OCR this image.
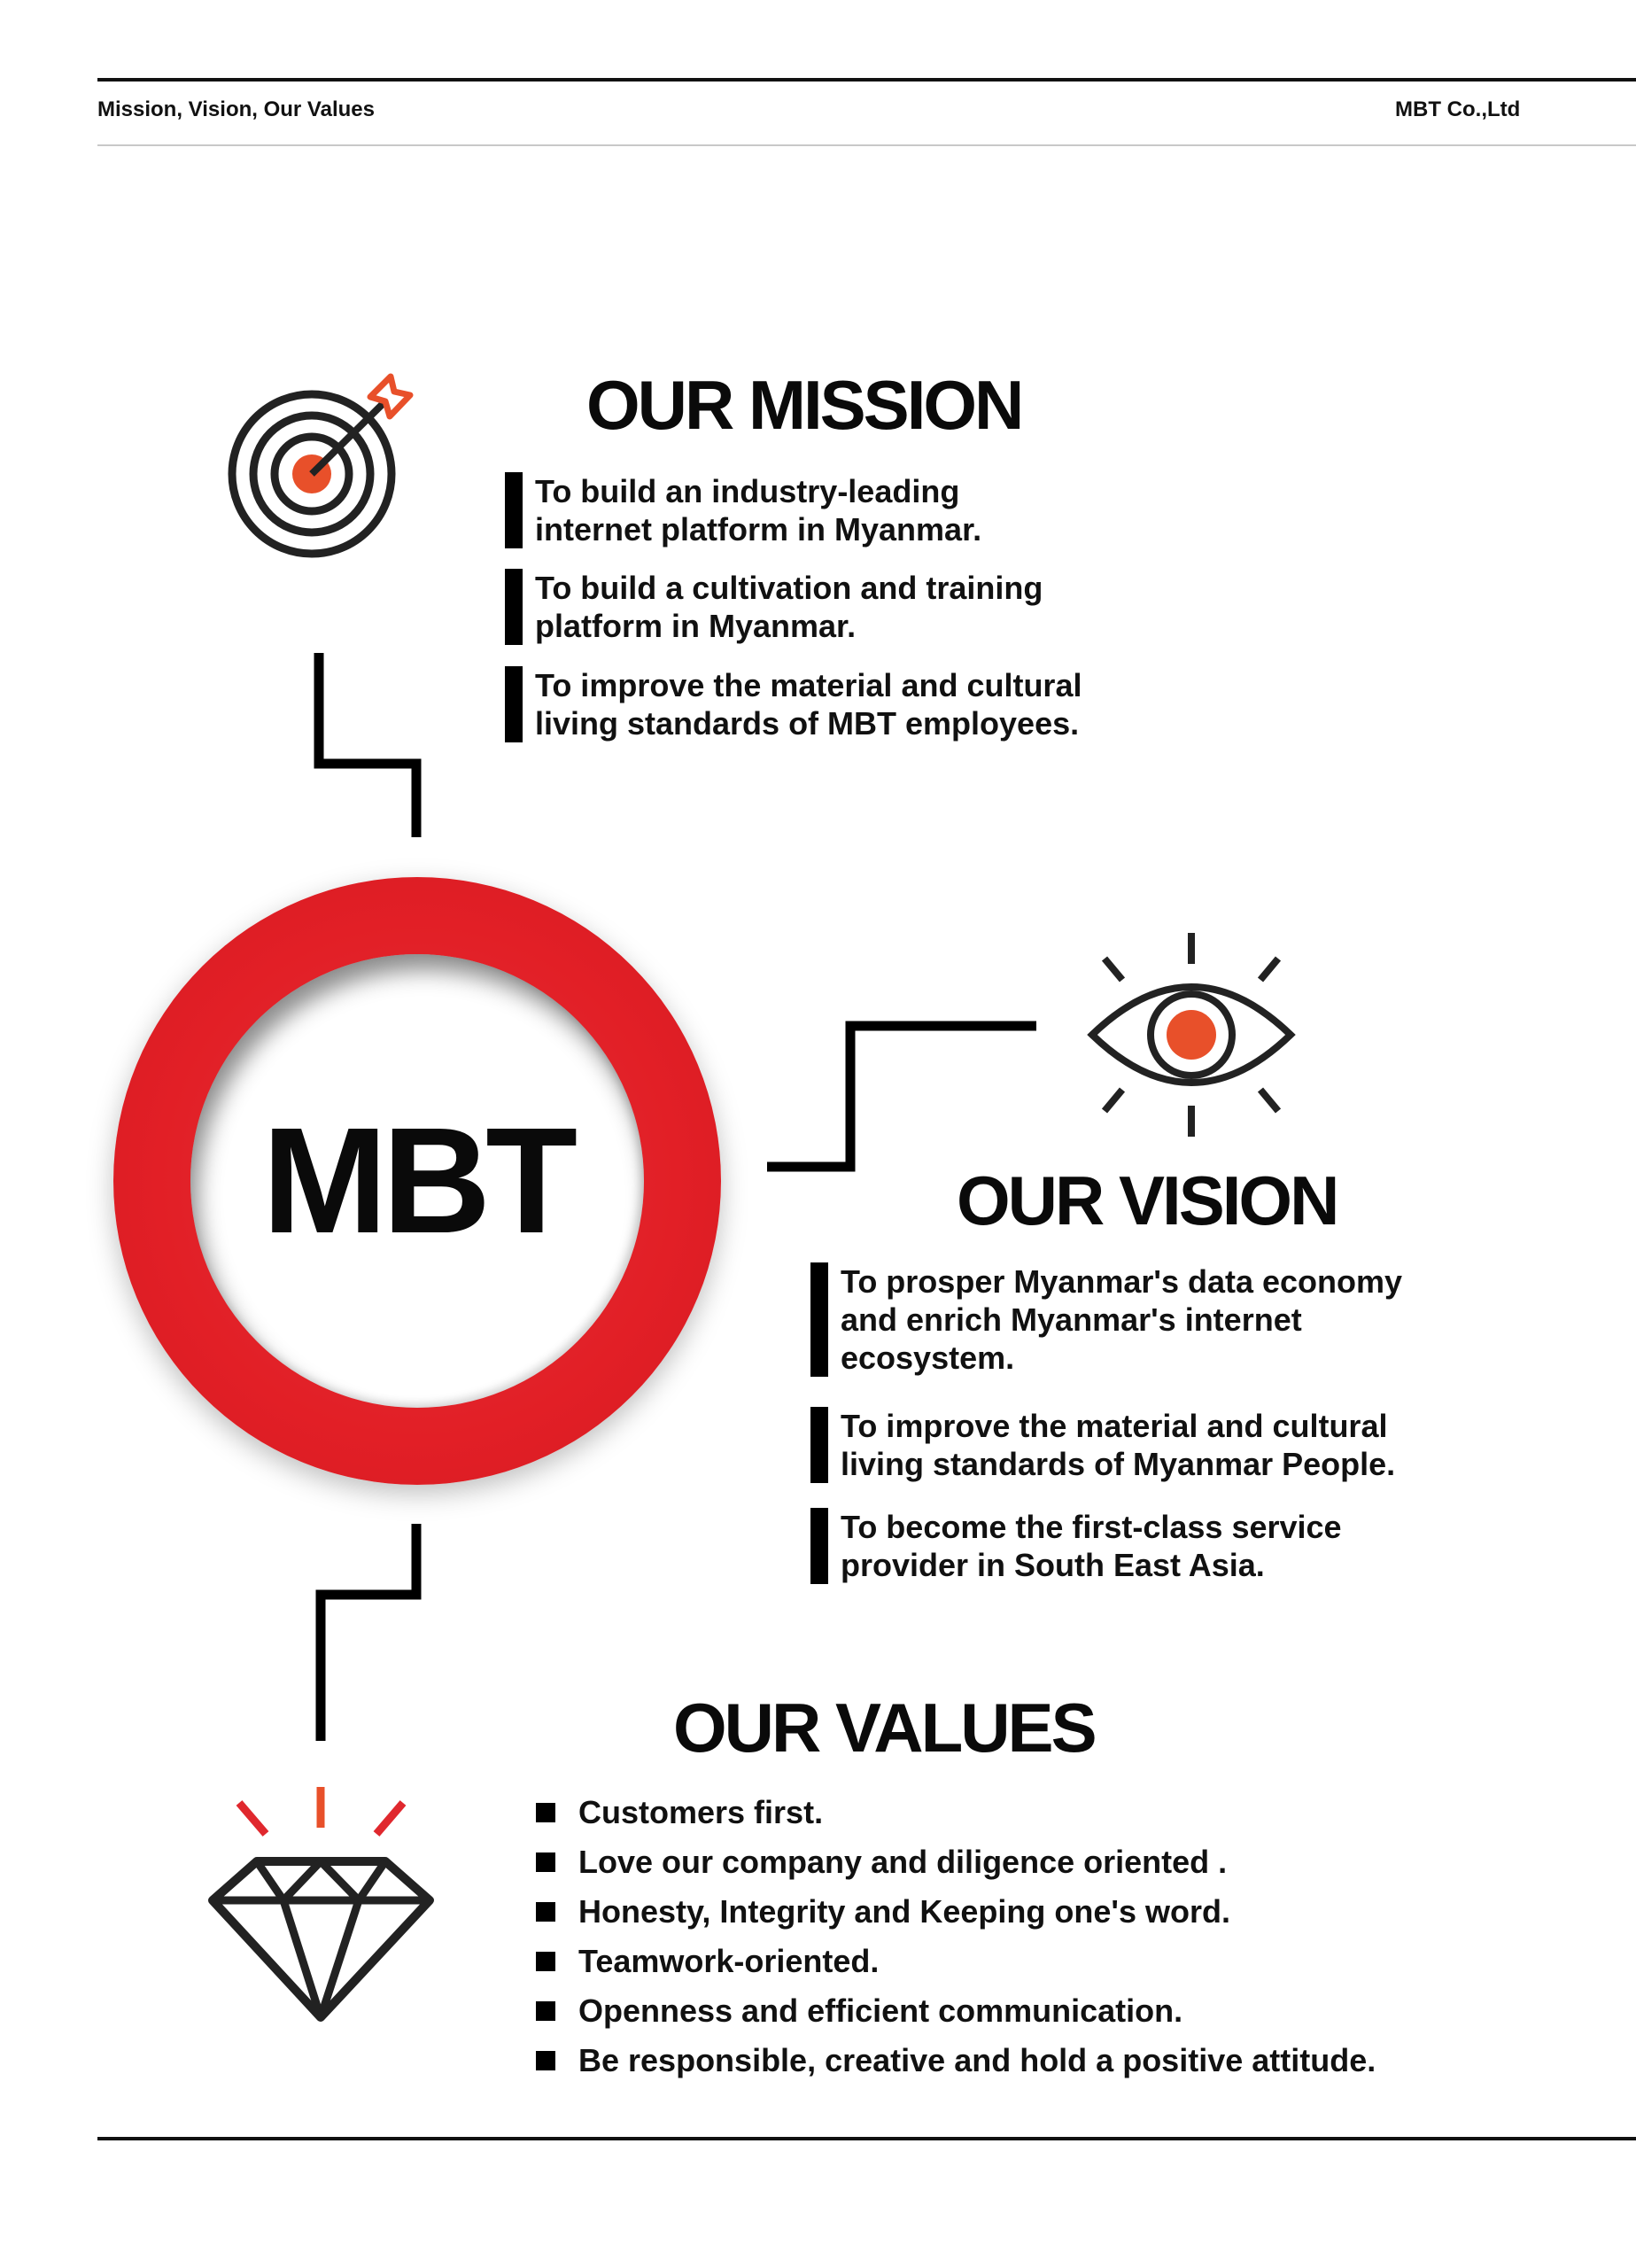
Mission, Vision, Our Values	MBT Co.,Ltd
OUR MISSION
To build an industry-leading
internet platform in Myanmar.
To build a cultivation and training
platform in Myanmar.
To improve the material and cultural
living standards of MBT employees.
MBT	OUR VISION
To prosper Myanmar's data economy
and enrich Myanmar's internet
ecosystem.
To improve the material and cultural
living standards of Myanmar People.
To become the first-class service
provider in South East Asia.
OUR VALUES
Customers first.
Love our company and diligence oriented .
Honesty, Integrity and Keeping one's word.
Teamwork-oriented.
Openness and efficient communication.
Be responsible, creative and hold a positive attitude.
